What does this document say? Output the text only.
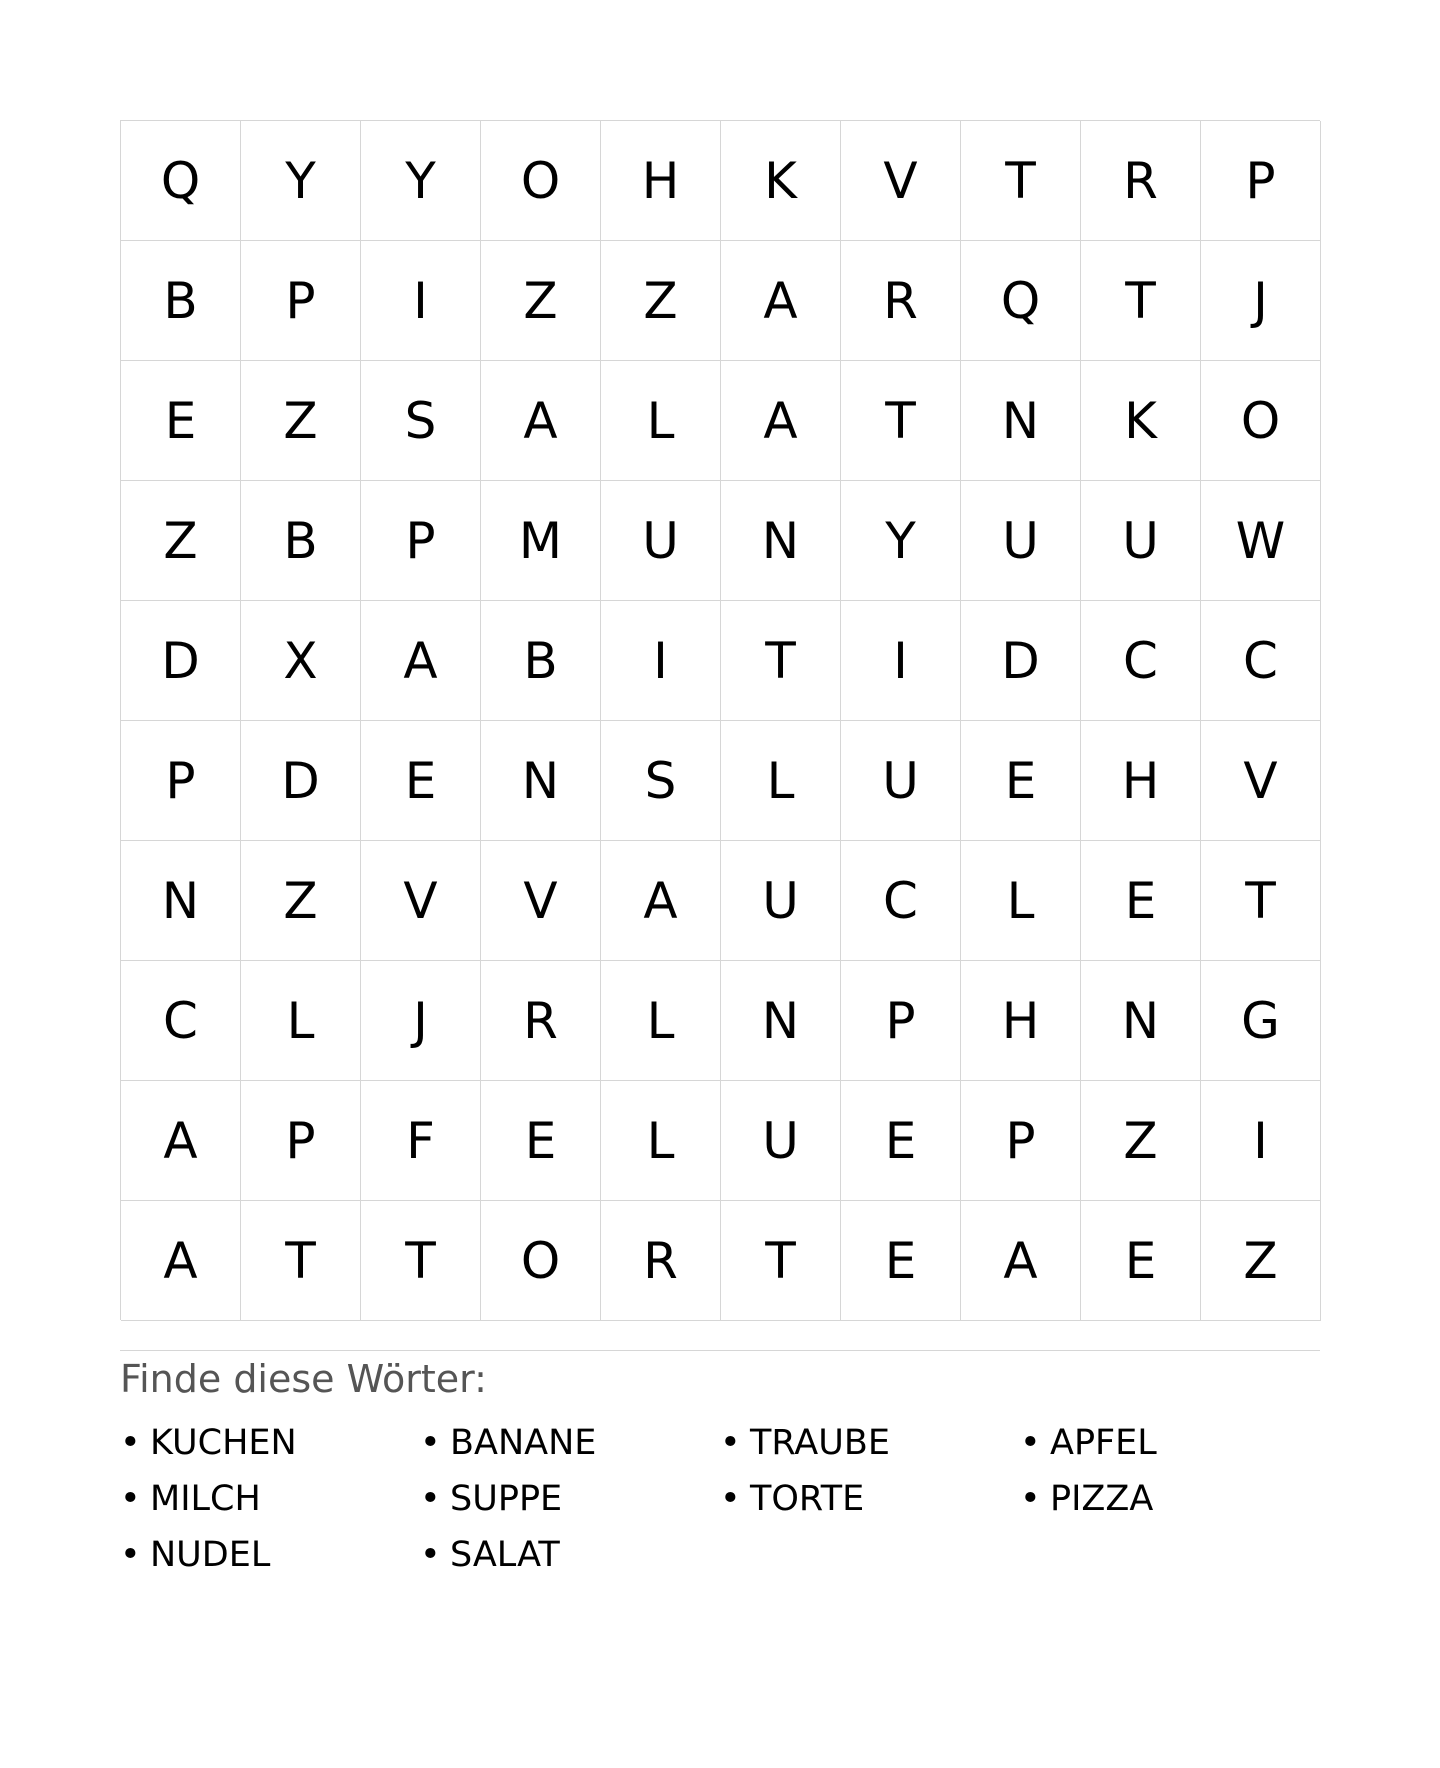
Q	Y	Y	O	H	K	V	T	R	P
B	P	I	Z	Z	A	R	Q	T	J
E	Z	S	A	L	A	T	N	K	O
Z	B	P	M	U	N	Y	U	U	W
D	X	A	B	I	T	I	D	C	C
P	D	E	N	S	L	U	E	H	V
N	Z	V	V	A	U	C	L	E	T
C	L	J	R	L	N	P	H	N	G
A	P	F	E	L	U	E	P	Z	I
A	T	T	O	R	T	E	A	E	Z
Finde diese Wörter:
• KUCHEN	• BANANE	• TRAUBE	• APFEL
• MILCH	• SUPPE	• TORTE	• PIZZA
• NUDEL	• SALAT
